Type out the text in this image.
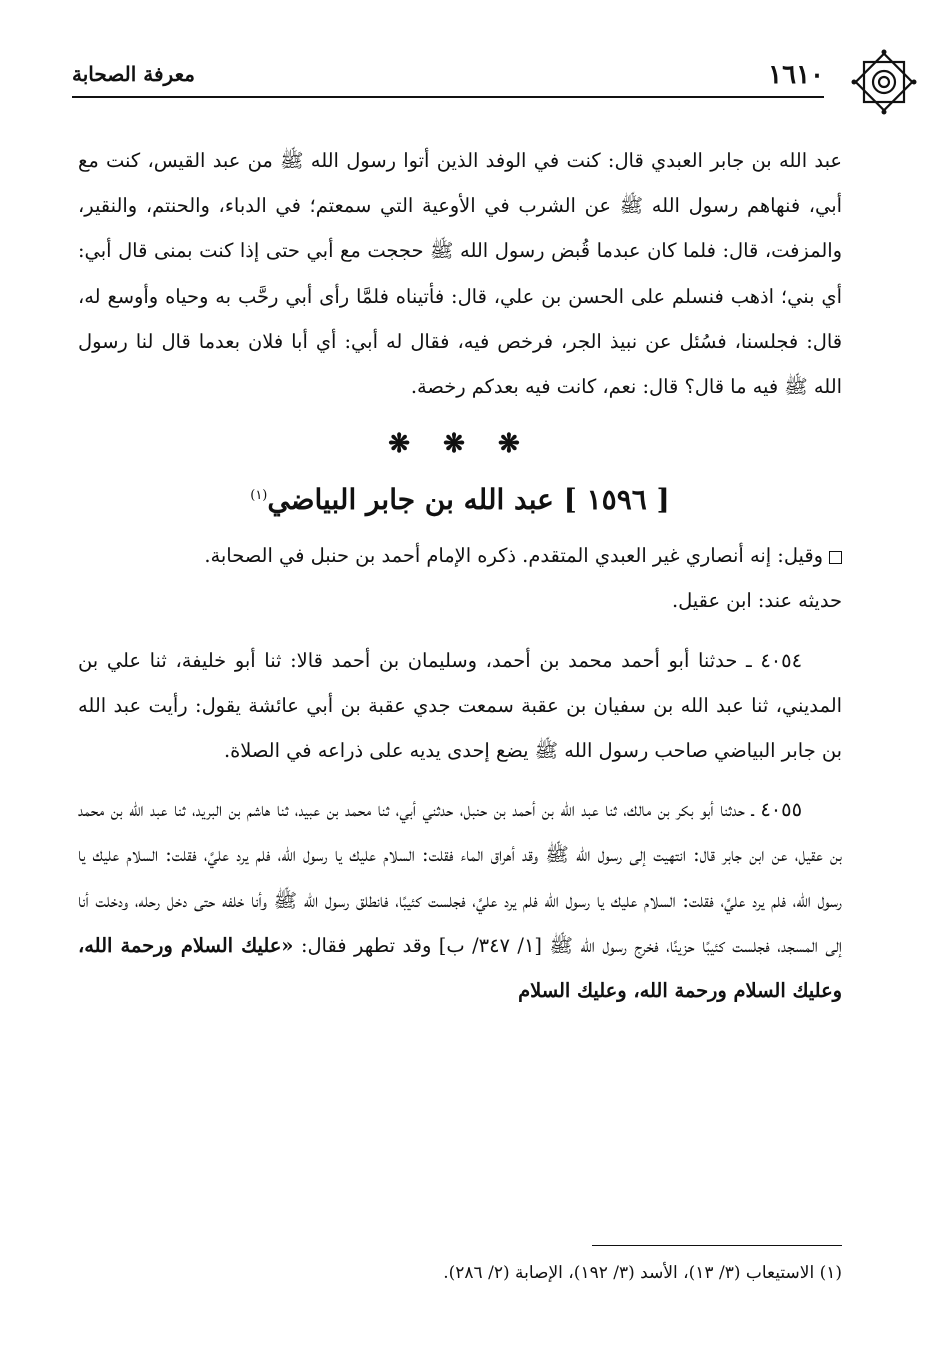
١٦١٠
معرفة الصحابة

عبد الله بن جابر العبدي قال: كنت في الوفد الذين أتوا رسول الله ﷺ من عبد القيس، كنت مع أبي، فنهاهم رسول الله ﷺ عن الشرب في الأوعية التي سمعتم؛ في الدباء، والحنتم، والنقير، والمزفت، قال: فلما كان عبدما قُبض رسول الله ﷺ حججت مع أبي حتى إذا كنت بمنى قال أبي: أي بني؛ اذهب فنسلم على الحسن بن علي، قال: فأتيناه فلمَّا رأى أبي رحَّب به وحياه وأوسع له، قال: فجلسنا، فسُئل عن نبيذ الجر، فرخص فيه، فقال له أبي: أي أبا فلان بعدما قال لنا رسول الله ﷺ فيه ما قال؟ قال: نعم، كانت فيه بعدكم رخصة.

❋ ❋ ❋
[ ١٥٩٦ ] عبد الله بن جابر البياضي$^{(١)}$

وقيل: إنه أنصاري غير العبدي المتقدم. ذكره الإمام أحمد بن حنبل في الصحابة.

حديثه عند: ابن عقيل.

٤٠٥٤ ـ حدثنا أبو أحمد محمد بن أحمد، وسليمان بن أحمد قالا: ثنا أبو خليفة، ثنا علي بن المديني، ثنا عبد الله بن سفيان بن عقبة سمعت جدي عقبة بن أبي عائشة يقول: رأيت عبد الله بن جابر البياضي صاحب رسول الله ﷺ يضع إحدى يديه على ذراعه في الصلاة.

٤٠٥٥ ـ حدثنا أبو بكر بن مالك، ثنا عبد الله بن أحمد بن حنبل، حدثني أبي، ثنا محمد بن عبيد، ثنا هاشم بن البريد، ثنا عبد الله بن محمد بن عقيل، عن ابن جابر قال: انتهيت إلى رسول الله ﷺ وقد أهراق الماء فقلت: السلام عليك يا رسول الله، فلم يرد عليَّ، فقلت: السلام عليك يا رسول الله، فلم يرد عليَّ، فقلت: السلام عليك يا رسول الله فلم يرد عليَّ، فجلست كئيبًا، فانطلق رسول الله ﷺ وأنا خلفه حتى دخل رحله، ودخلت أنا إلى المسجد، فجلست كئيبًا حزينًا، فخرج رسول الله ﷺ [١/ ٣٤٧/ ب] وقد تطهر فقال: «عليك السلام ورحمة الله، وعليك السلام ورحمة الله، وعليك السلام

(١) الاستيعاب (٣/ ١٣)، الأسد (٣/ ١٩٢)، الإصابة (٢/ ٢٨٦).
